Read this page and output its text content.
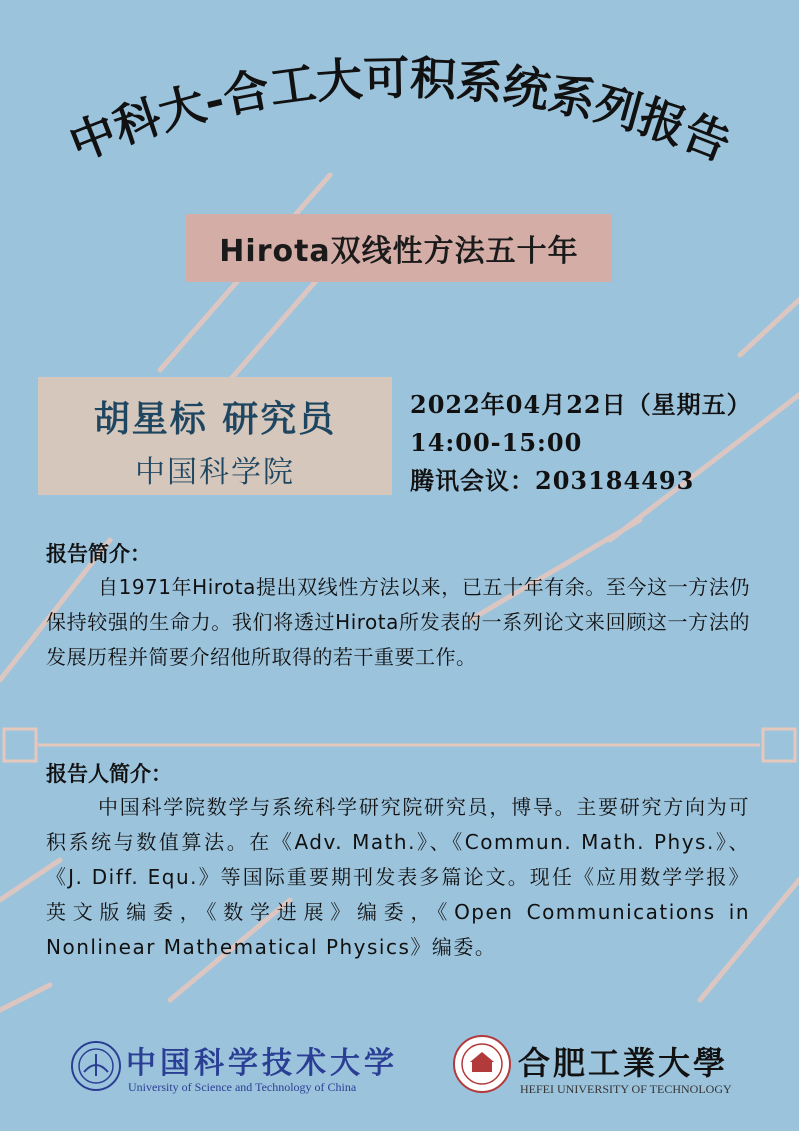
中科大-合工大可积系统系列报告
Hirota双线性方法五十年
胡星标 研究员
中国科学院
2022年04月22日（星期五）
14:00-15:00
腾讯会议：203184493
报告简介：
自1971年Hirota提出双线性方法以来，已五十年有余。至今这一方法仍保持较强的生命力。我们将透过Hirota所发表的一系列论文来回顾这一方法的发展历程并简要介绍他所取得的若干重要工作。
报告人简介：
中国科学院数学与系统科学研究院研究员，博导。主要研究方向为可积系统与数值算法。在《Adv. Math.》、《Commun. Math. Phys.》、《J. Diff. Equ.》等国际重要期刊发表多篇论文。现任《应用数学学报》英文版编委，《数学进展》编委，《Open Communications in Nonlinear Mathematical Physics》编委。
中国科学技术大学
University of Science and Technology of China
合肥工業大學
HEFEI UNIVERSITY OF TECHNOLOGY
